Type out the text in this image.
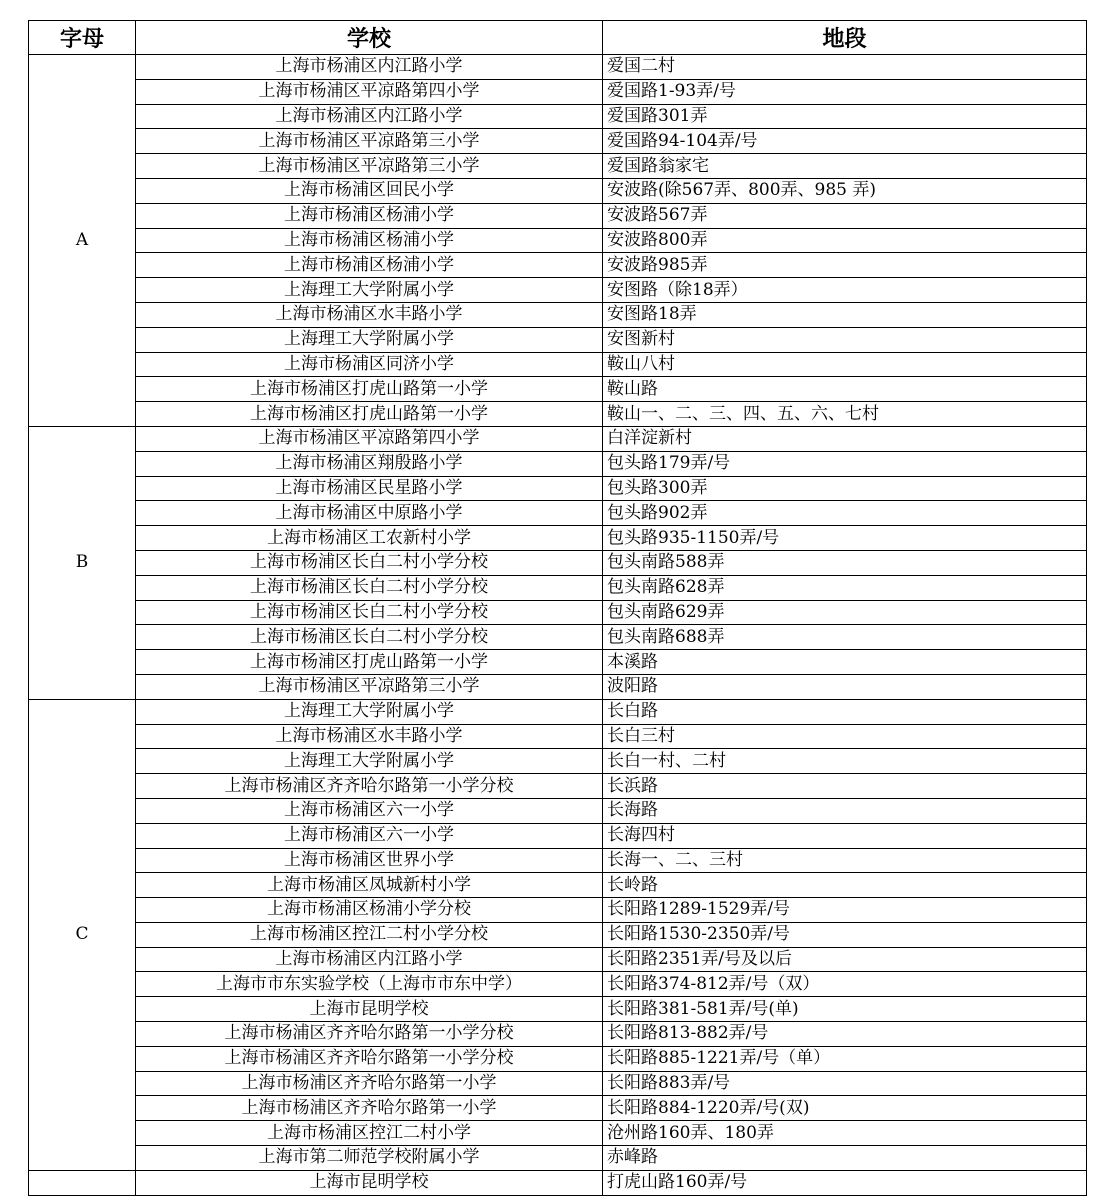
字母	学校	地段
A	上海市杨浦区内江路小学	爱国二村
	上海市杨浦区平凉路第四小学	爱国路1-93弄/号
	上海市杨浦区内江路小学	爱国路301弄
	上海市杨浦区平凉路第三小学	爱国路94-104弄/号
	上海市杨浦区平凉路第三小学	爱国路翁家宅
	上海市杨浦区回民小学	安波路(除567弄、800弄、985 弄)
	上海市杨浦区杨浦小学	安波路567弄
	上海市杨浦区杨浦小学	安波路800弄
	上海市杨浦区杨浦小学	安波路985弄
	上海理工大学附属小学	安图路（除18弄）
	上海市杨浦区水丰路小学	安图路18弄
	上海理工大学附属小学	安图新村
	上海市杨浦区同济小学	鞍山八村
	上海市杨浦区打虎山路第一小学	鞍山路
	上海市杨浦区打虎山路第一小学	鞍山一、二、三、四、五、六、七村
B	上海市杨浦区平凉路第四小学	白洋淀新村
	上海市杨浦区翔殷路小学	包头路179弄/号
	上海市杨浦区民星路小学	包头路300弄
	上海市杨浦区中原路小学	包头路902弄
	上海市杨浦区工农新村小学	包头路935-1150弄/号
	上海市杨浦区长白二村小学分校	包头南路588弄
	上海市杨浦区长白二村小学分校	包头南路628弄
	上海市杨浦区长白二村小学分校	包头南路629弄
	上海市杨浦区长白二村小学分校	包头南路688弄
	上海市杨浦区打虎山路第一小学	本溪路
	上海市杨浦区平凉路第三小学	波阳路
C	上海理工大学附属小学	长白路
	上海市杨浦区水丰路小学	长白三村
	上海理工大学附属小学	长白一村、二村
	上海市杨浦区齐齐哈尔路第一小学分校	长浜路
	上海市杨浦区六一小学	长海路
	上海市杨浦区六一小学	长海四村
	上海市杨浦区世界小学	长海一、二、三村
	上海市杨浦区凤城新村小学	长岭路
	上海市杨浦区杨浦小学分校	长阳路1289-1529弄/号
	上海市杨浦区控江二村小学分校	长阳路1530-2350弄/号
	上海市杨浦区内江路小学	长阳路2351弄/号及以后
	上海市市东实验学校（上海市市东中学）	长阳路374-812弄/号（双）
	上海市昆明学校	长阳路381-581弄/号(单)
	上海市杨浦区齐齐哈尔路第一小学分校	长阳路813-882弄/号
	上海市杨浦区齐齐哈尔路第一小学分校	长阳路885-1221弄/号（单）
	上海市杨浦区齐齐哈尔路第一小学	长阳路883弄/号
	上海市杨浦区齐齐哈尔路第一小学	长阳路884-1220弄/号(双)
	上海市杨浦区控江二村小学	沧州路160弄、180弄
	上海市第二师范学校附属小学	赤峰路
	上海市昆明学校	打虎山路160弄/号
